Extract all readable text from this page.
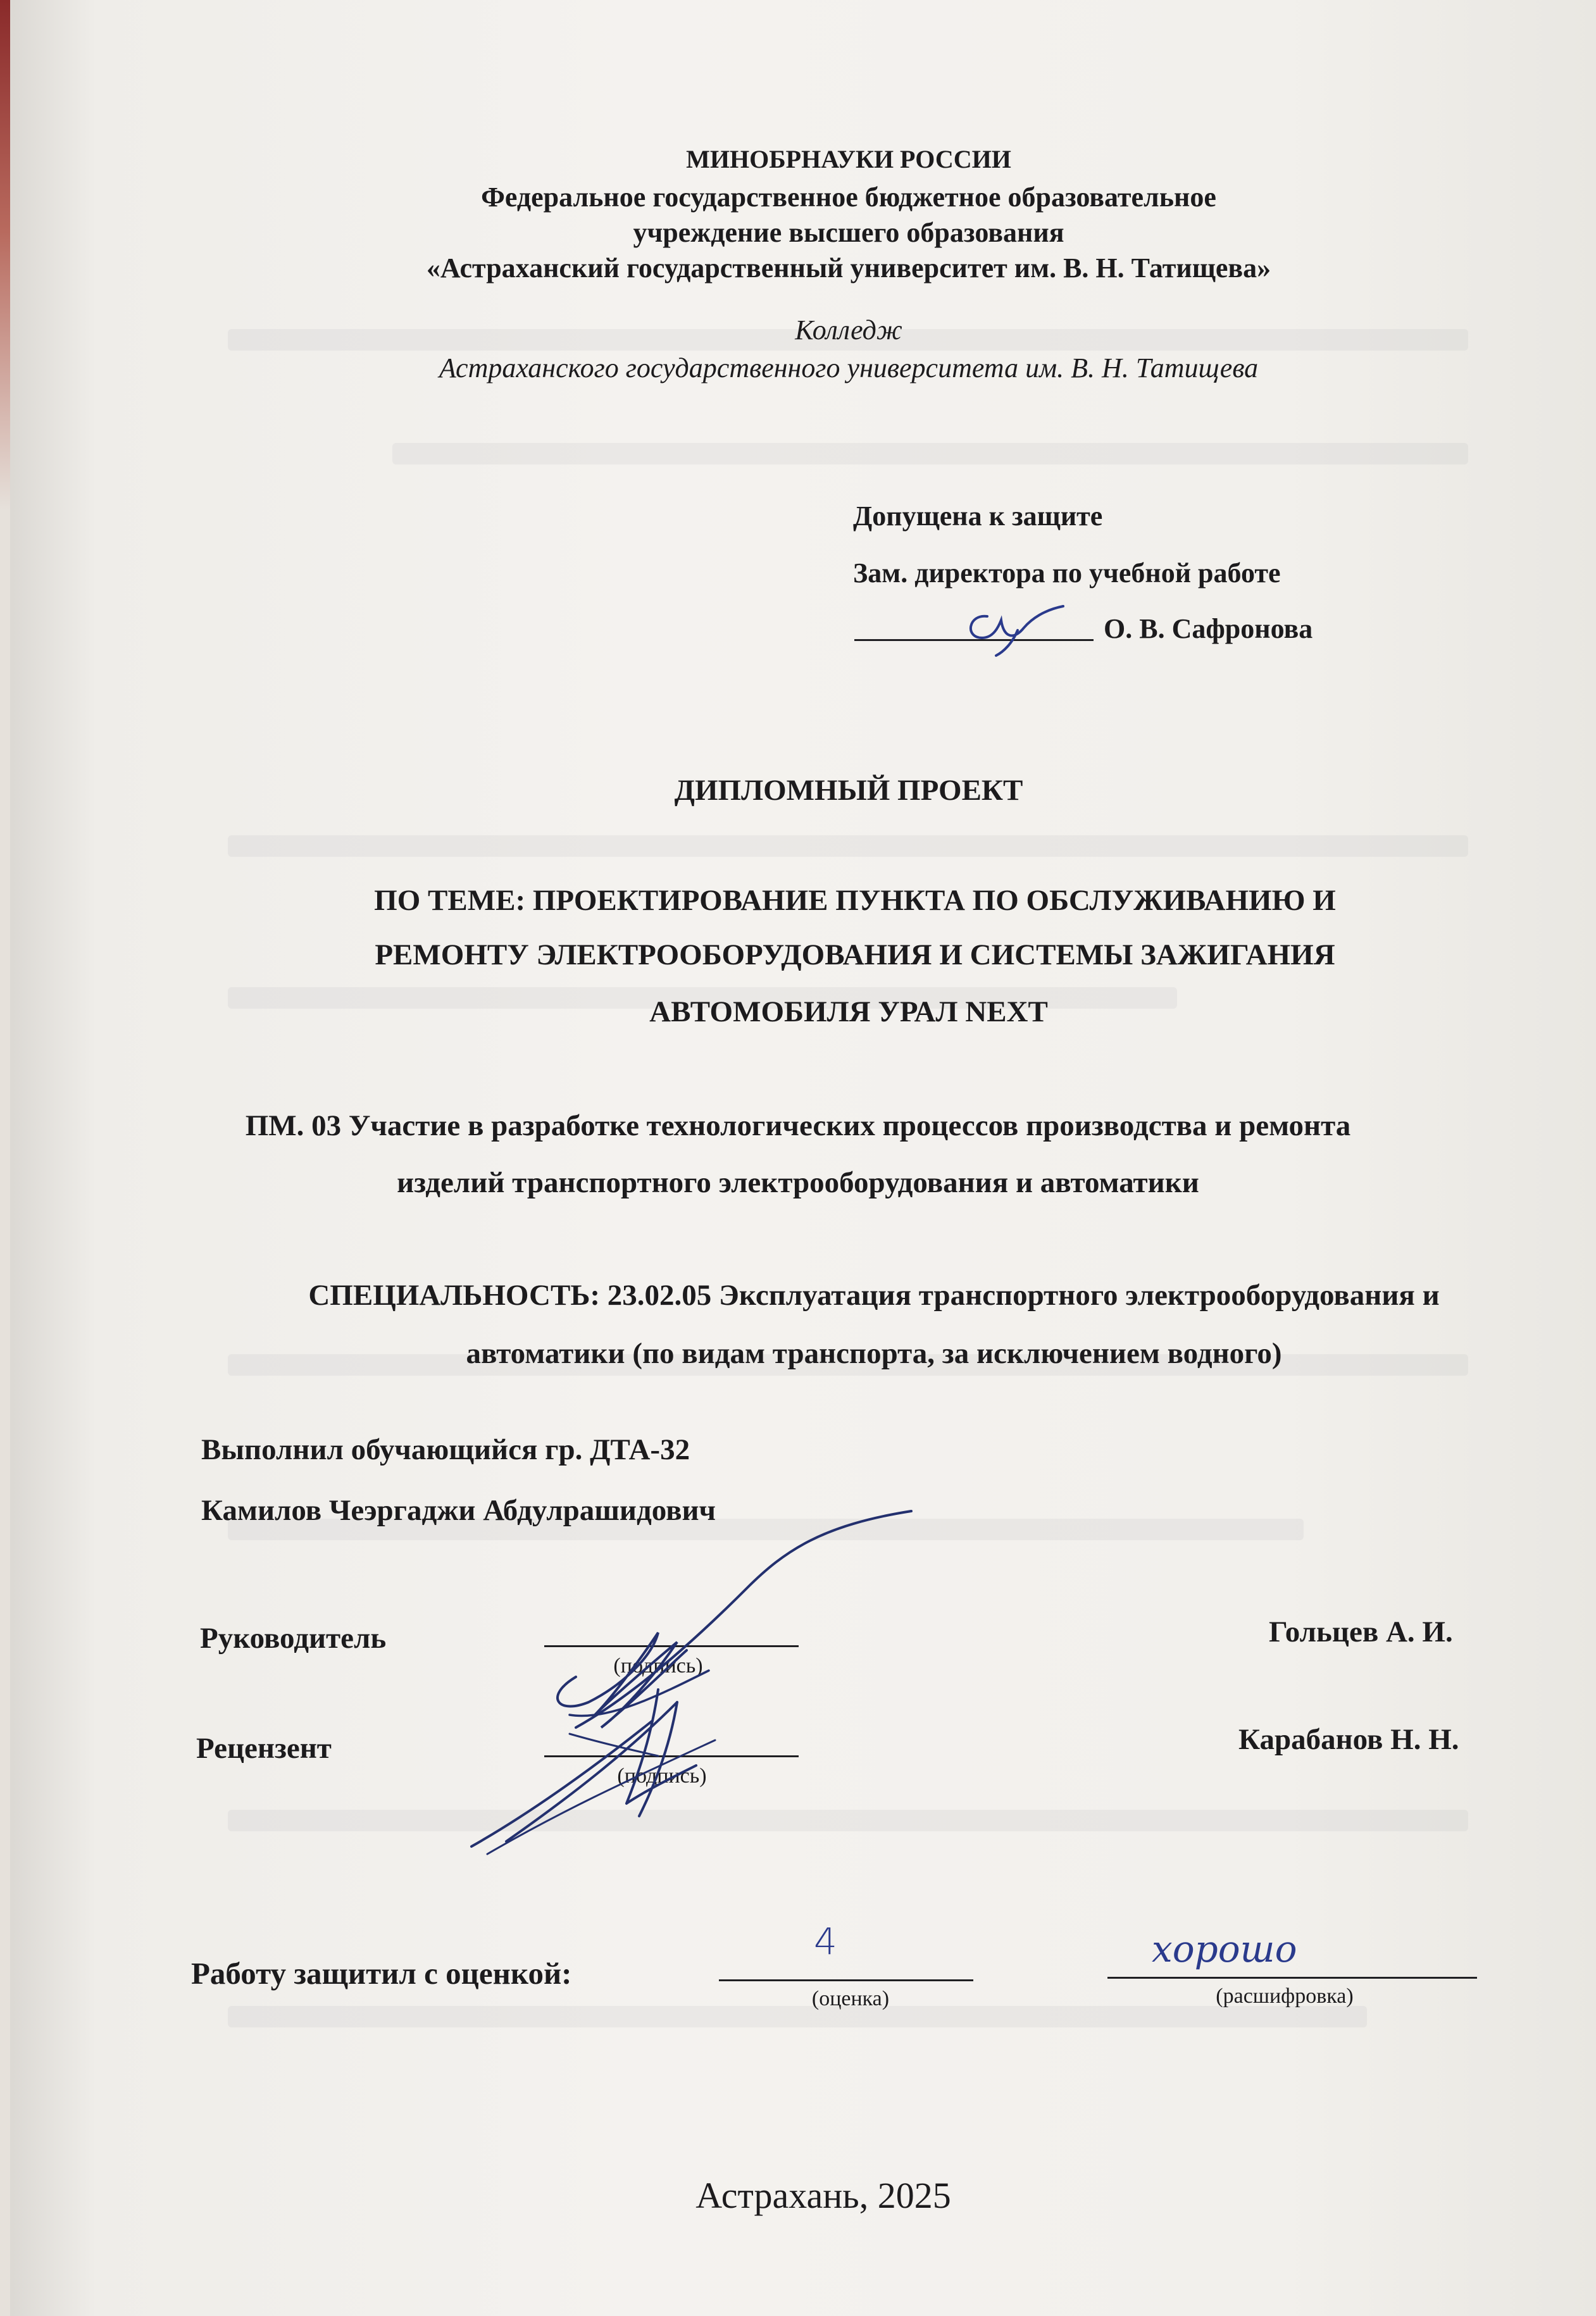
МИНОБРНАУКИ РОССИИ
Федеральное государственное бюджетное образовательное
учреждение высшего образования
«Астраханский государственный университет им. В. Н. Татищева»
Колледж
Астраханского государственного университета им. В. Н. Татищева
Допущена к защите
Зам. директора по учебной работе
О. В. Сафронова
ДИПЛОМНЫЙ ПРОЕКТ
ПО ТЕМЕ: ПРОЕКТИРОВАНИЕ ПУНКТА ПО ОБСЛУЖИВАНИЮ И
РЕМОНТУ ЭЛЕКТРООБОРУДОВАНИЯ И СИСТЕМЫ ЗАЖИГАНИЯ
АВТОМОБИЛЯ УРАЛ NEXT
ПМ. 03 Участие в разработке технологических процессов производства и ремонта
изделий транспортного электрооборудования и автоматики
СПЕЦИАЛЬНОСТЬ: 23.02.05 Эксплуатация транспортного электрооборудования и
автоматики (по видам транспорта, за исключением водного)
Выполнил обучающийся гр. ДТА-32
Камилов Чеэргаджи Абдулрашидович
Руководитель
(подпись)
Гольцев А. И.
Рецензент
(подпись)
Карабанов Н. Н.
Работу защитил с оценкой:
4
(оценка)
хорошо
(расшифровка)
Астрахань, 2025
